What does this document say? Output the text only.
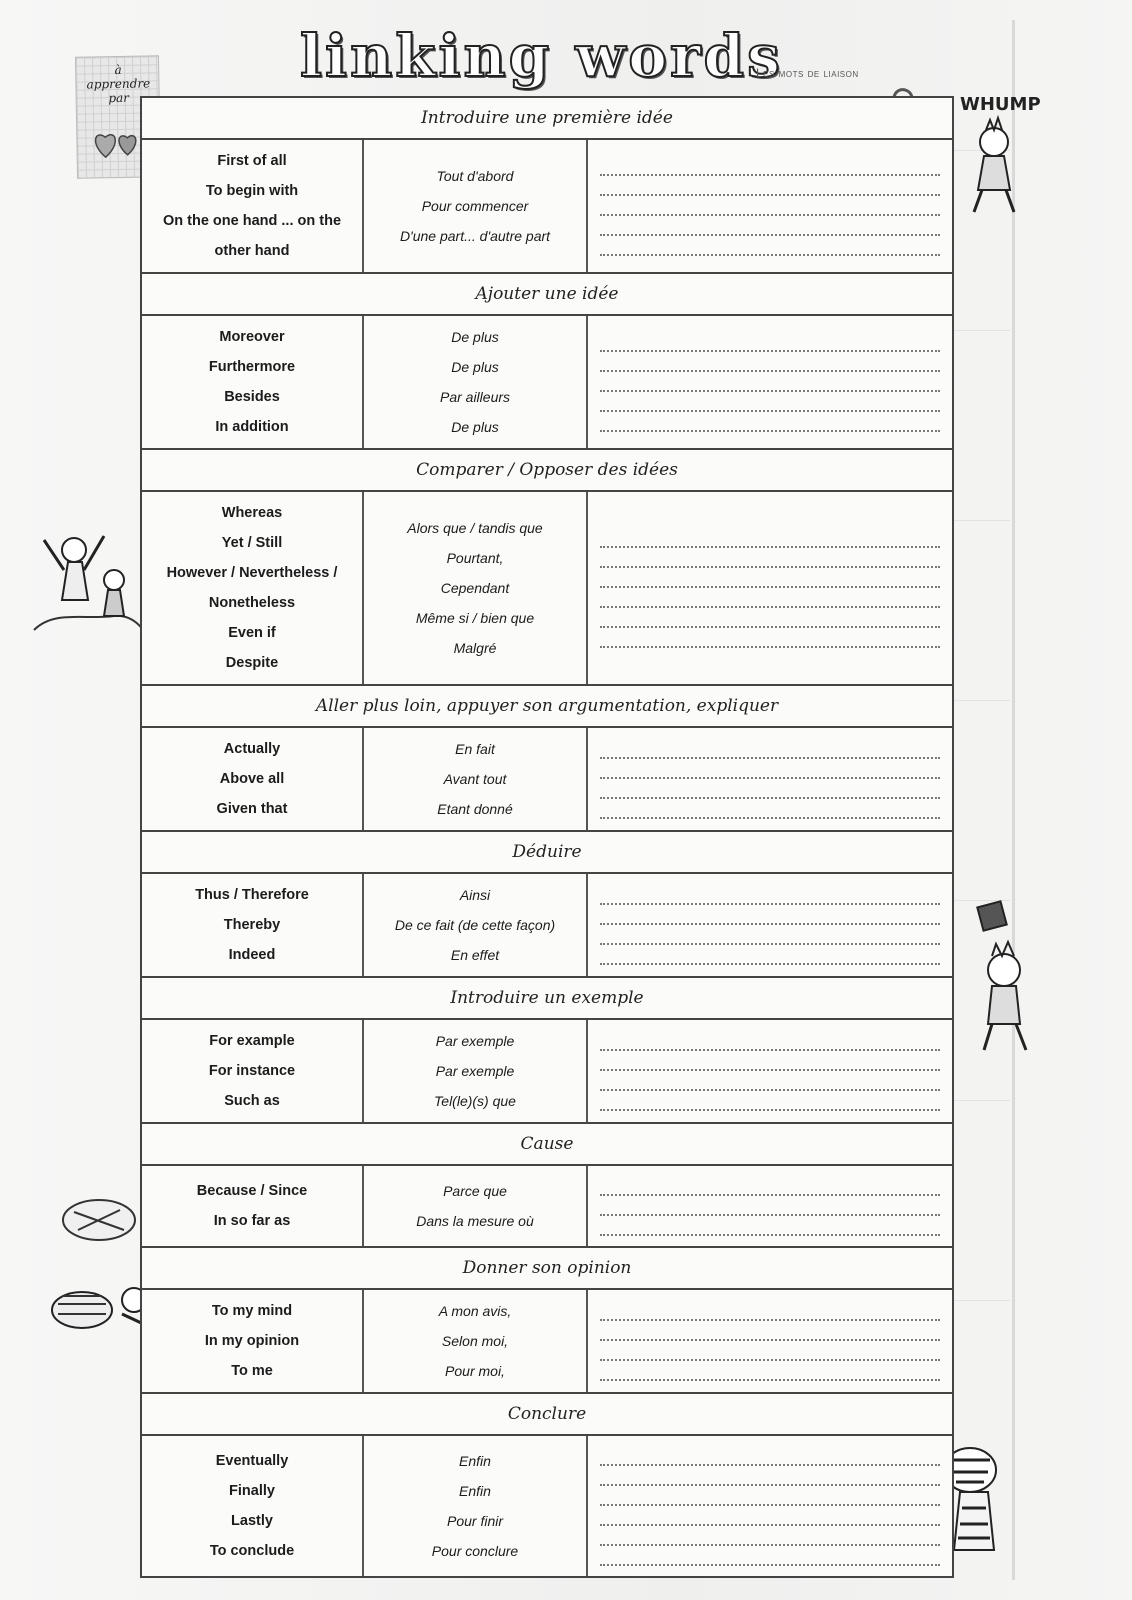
à
apprendre
par
linking words
Les mots de liaison
WHUMP
Introduire une première idée
First of all
To begin with
On the one hand ... on the
other hand
Tout d'abord
Pour commencer
D'une part... d'autre part
Ajouter une idée
Moreover
Furthermore
Besides
In addition
De plus
De plus
Par ailleurs
De plus
Comparer / Opposer des idées
Whereas
Yet / Still
However / Nevertheless /
Nonetheless
Even if
Despite
Alors que / tandis que
Pourtant,
Cependant
Même si / bien que
Malgré
Aller plus loin, appuyer son argumentation, expliquer
Actually
Above all
Given that
En fait
Avant tout
Etant donné
Déduire
Thus / Therefore
Thereby
Indeed
Ainsi
De ce fait (de cette façon)
En effet
Introduire un exemple
For example
For instance
Such as
Par exemple
Par exemple
Tel(le)(s) que
Cause
Because / Since
In so far as
Parce que
Dans la mesure où
Donner son opinion
To my mind
In my opinion
To me
A mon avis,
Selon moi,
Pour moi,
Conclure
Eventually
Finally
Lastly
To conclude
Enfin
Enfin
Pour finir
Pour conclure
